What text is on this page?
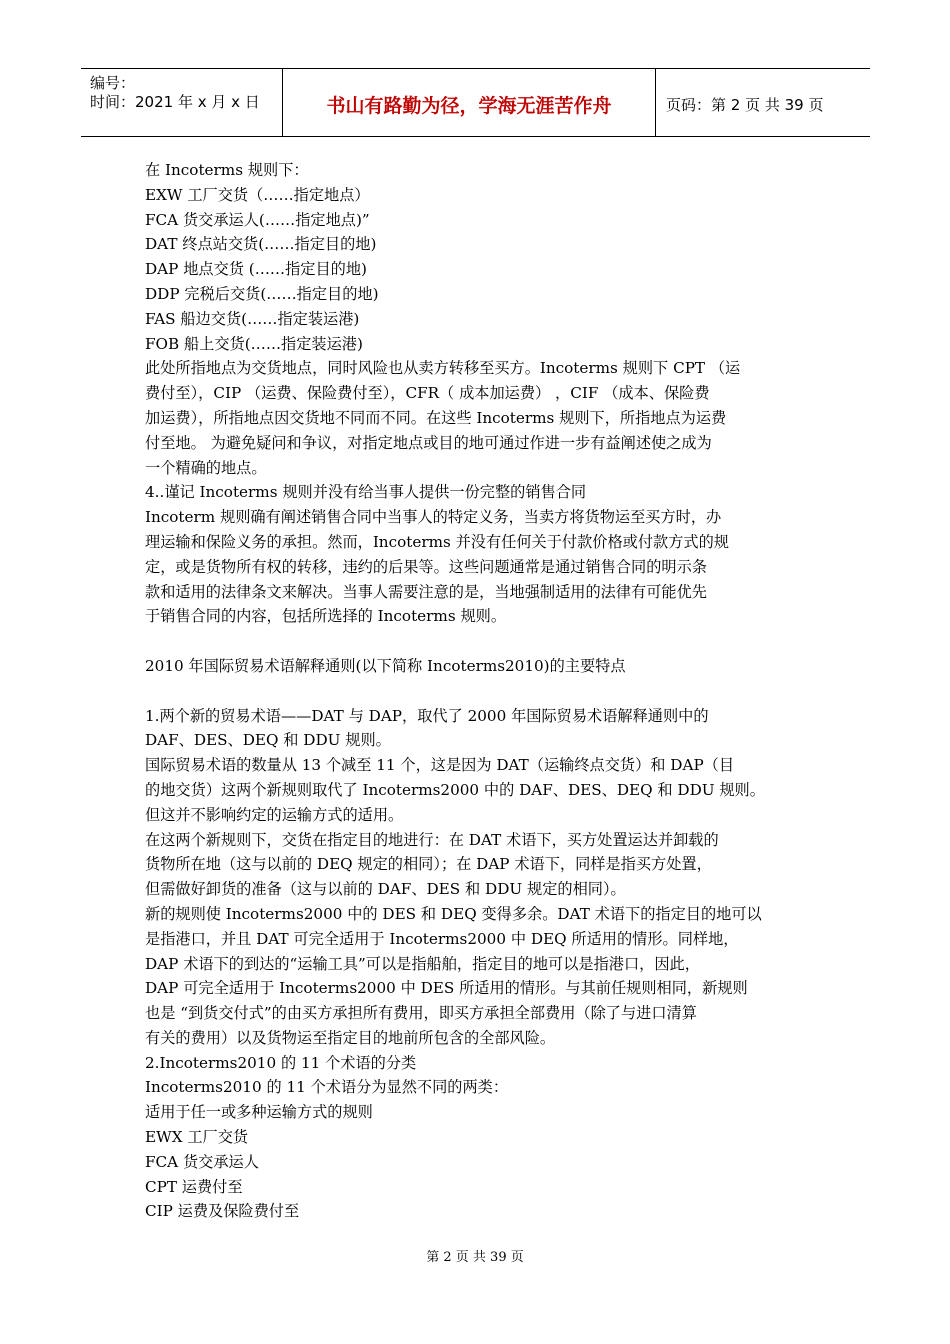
编号：
时间：2021 年 x 月 x 日	书山有路勤为径，学海无涯苦作舟	页码：第 2 页 共 39 页
在 Incoterms 规则下：
EXW 工厂交货（……指定地点）
FCA 货交承运人(……指定地点)”
DAT 终点站交货(……指定目的地)
DAP 地点交货 (……指定目的地)
DDP 完税后交货(……指定目的地)
FAS 船边交货(……指定装运港)
FOB 船上交货(……指定装运港)
此处所指地点为交货地点，同时风险也从卖方转移至买方。Incoterms 规则下 CPT （运
费付至），CIP （运费、保险费付至），CFR（ 成本加运费） ，CIF （成本、保险费
加运费），所指地点因交货地不同而不同。在这些 Incoterms 规则下，所指地点为运费
付至地。 为避免疑问和争议，对指定地点或目的地可通过作进一步有益阐述使之成为
一个精确的地点。
4..谨记 Incoterms 规则并没有给当事人提供一份完整的销售合同
Incoterm 规则确有阐述销售合同中当事人的特定义务，当卖方将货物运至买方时，办
理运输和保险义务的承担。然而，Incoterms 并没有任何关于付款价格或付款方式的规
定，或是货物所有权的转移，违约的后果等。这些问题通常是通过销售合同的明示条
款和适用的法律条文来解决。当事人需要注意的是，当地强制适用的法律有可能优先
于销售合同的内容，包括所选择的 Incoterms 规则。
2010 年国际贸易术语解释通则(以下简称 Incoterms2010)的主要特点
1.两个新的贸易术语——DAT 与 DAP，取代了 2000 年国际贸易术语解释通则中的
DAF、DES、DEQ 和 DDU 规则。
国际贸易术语的数量从 13 个减至 11 个，这是因为 DAT（运输终点交货）和 DAP（目
的地交货）这两个新规则取代了 Incoterms2000 中的 DAF、DES、DEQ 和 DDU 规则。
但这并不影响约定的运输方式的适用。
在这两个新规则下，交货在指定目的地进行：在 DAT 术语下，买方处置运达并卸载的
货物所在地（这与以前的 DEQ 规定的相同）；在 DAP 术语下，同样是指买方处置，
但需做好卸货的准备（这与以前的 DAF、DES 和 DDU 规定的相同）。
新的规则使 Incoterms2000 中的 DES 和 DEQ 变得多余。DAT 术语下的指定目的地可以
是指港口，并且 DAT 可完全适用于 Incoterms2000 中 DEQ 所适用的情形。同样地，
DAP 术语下的到达的“运输工具”可以是指船舶，指定目的地可以是指港口，因此，
DAP 可完全适用于 Incoterms2000 中 DES 所适用的情形。与其前任规则相同，新规则
也是 “到货交付式”的由买方承担所有费用，即买方承担全部费用（除了与进口清算
有关的费用）以及货物运至指定目的地前所包含的全部风险。
2.Incoterms2010 的 11 个术语的分类
Incoterms2010 的 11 个术语分为显然不同的两类：
适用于任一或多种运输方式的规则
EWX 工厂交货
FCA 货交承运人
CPT 运费付至
CIP 运费及保险费付至
第 2 页 共 39 页
